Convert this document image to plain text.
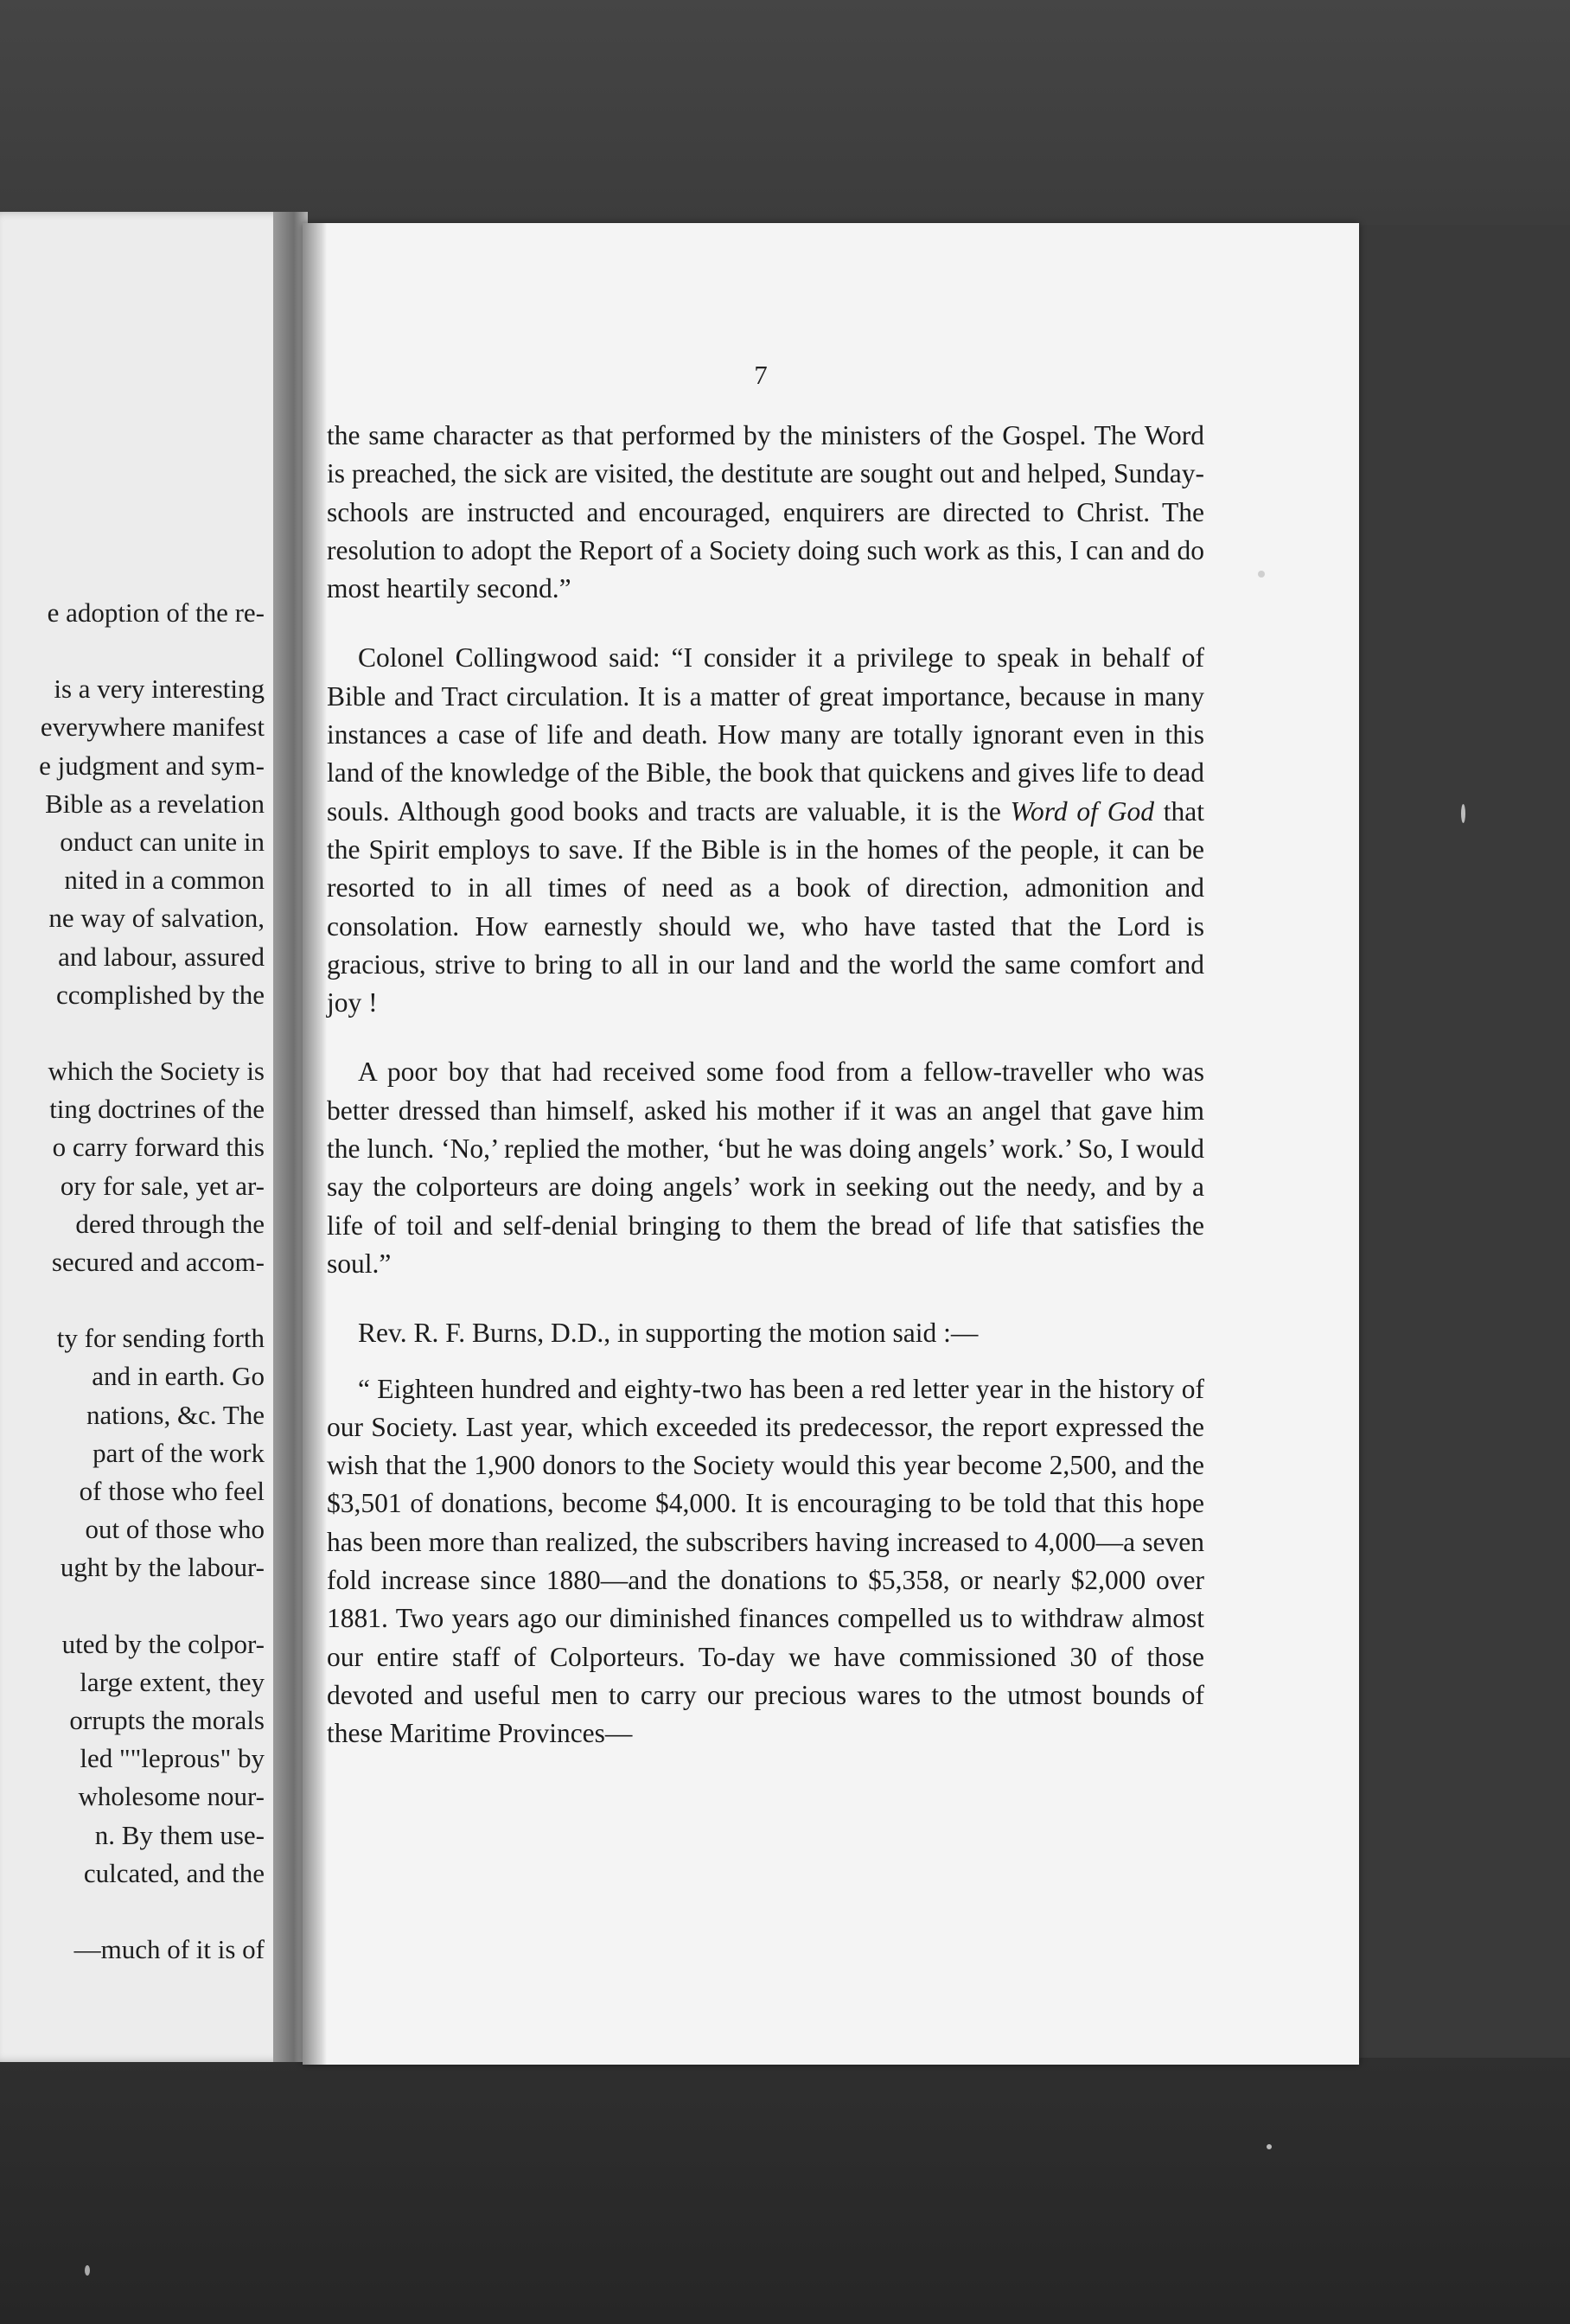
e adoption of the re-
is a very interesting
everywhere manifest
e judgment and sym-
Bible as a revelation
onduct can unite in
nited in a common
ne way of salvation,
and labour, assured
ccomplished by the
which the Society is
ting doctrines of the
o carry forward this
ory for sale, yet ar-
dered through the
secured and accom-
ty for sending forth
and in earth. Go
nations, &c. The
part of the work
of those who feel
out of those who
ught by the labour-
uted by the colpor-
large extent, they
orrupts the morals
led ""leprous" by
wholesome nour-
n. By them use-
culcated, and the
—much of it is of
7

the same character as that performed by the ministers of the Gospel. The Word is preached, the sick are visited, the destitute are sought out and helped, Sunday-schools are instructed and encouraged, enquirers are directed to Christ. The resolution to adopt the Report of a Society doing such work as this, I can and do most heartily second.”

Colonel Collingwood said: “I consider it a privilege to speak in behalf of Bible and Tract circulation. It is a matter of great importance, because in many instances a case of life and death. How many are totally ignorant even in this land of the knowledge of the Bible, the book that quickens and gives life to dead souls. Although good books and tracts are valuable, it is the Word of God that the Spirit employs to save. If the Bible is in the homes of the people, it can be resorted to in all times of need as a book of direction, admonition and consolation. How earnestly should we, who have tasted that the Lord is gracious, strive to bring to all in our land and the world the same comfort and joy !

A poor boy that had received some food from a fellow-traveller who was better dressed than himself, asked his mother if it was an angel that gave him the lunch. ‘No,’ replied the mother, ‘but he was doing angels’ work.’ So, I would say the colporteurs are doing angels’ work in seeking out the needy, and by a life of toil and self-denial bringing to them the bread of life that satisfies the soul.”

Rev. R. F. Burns, D.D., in supporting the motion said :—

“ Eighteen hundred and eighty-two has been a red letter year in the history of our Society. Last year, which exceeded its predecessor, the report expressed the wish that the 1,900 donors to the Society would this year become 2,500, and the $3,501 of donations, become $4,000. It is encouraging to be told that this hope has been more than realized, the subscribers having increased to 4,000—a seven fold increase since 1880—and the donations to $5,358, or nearly $2,000 over 1881. Two years ago our diminished finances compelled us to withdraw almost our entire staff of Colporteurs. To-day we have commissioned 30 of those devoted and useful men to carry our precious wares to the utmost bounds of these Maritime Provinces—
